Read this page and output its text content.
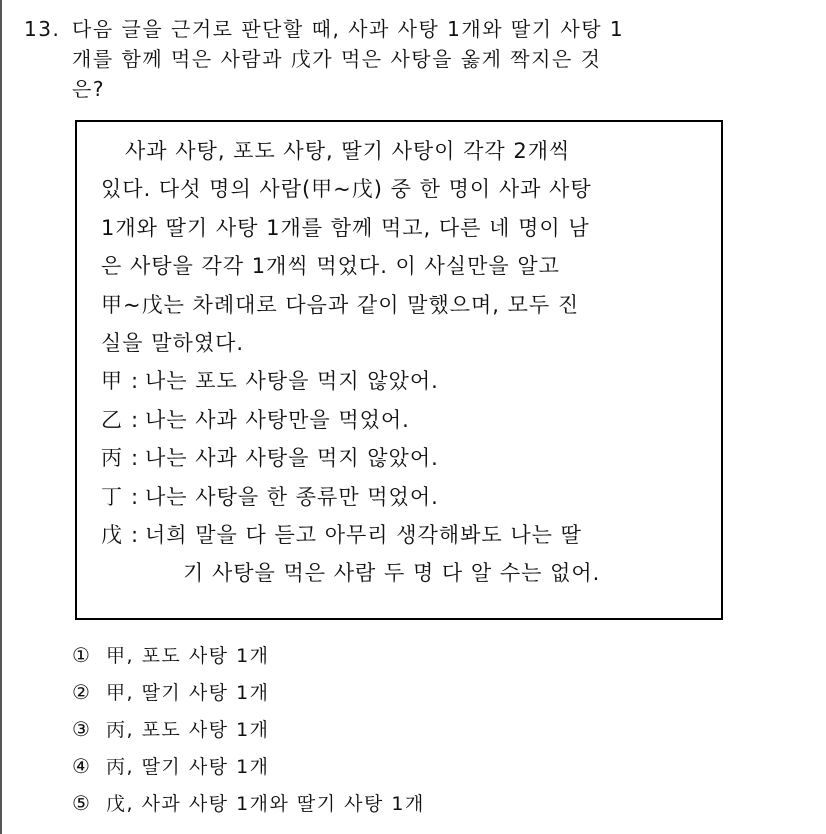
13. 다음 글을 근거로 판단할 때, 사과 사탕 1개와 딸기 사탕 1
개를 함께 먹은 사람과 戊가 먹은 사탕을 옳게 짝지은 것
은?
사과 사탕, 포도 사탕, 딸기 사탕이 각각 2개씩
있다. 다섯 명의 사람(甲~戊) 중 한 명이 사과 사탕
1개와 딸기 사탕 1개를 함께 먹고, 다른 네 명이 남
은 사탕을 각각 1개씩 먹었다. 이 사실만을 알고
甲~戊는 차례대로 다음과 같이 말했으며, 모두 진
실을 말하였다.
甲 : 나는 포도 사탕을 먹지 않았어.
乙 : 나는 사과 사탕만을 먹었어.
丙 : 나는 사과 사탕을 먹지 않았어.
丁 : 나는 사탕을 한 종류만 먹었어.
戊 : 너희 말을 다 듣고 아무리 생각해봐도 나는 딸
기 사탕을 먹은 사람 두 명 다 알 수는 없어.
① 甲, 포도 사탕 1개
② 甲, 딸기 사탕 1개
③ 丙, 포도 사탕 1개
④ 丙, 딸기 사탕 1개
⑤ 戊, 사과 사탕 1개와 딸기 사탕 1개
